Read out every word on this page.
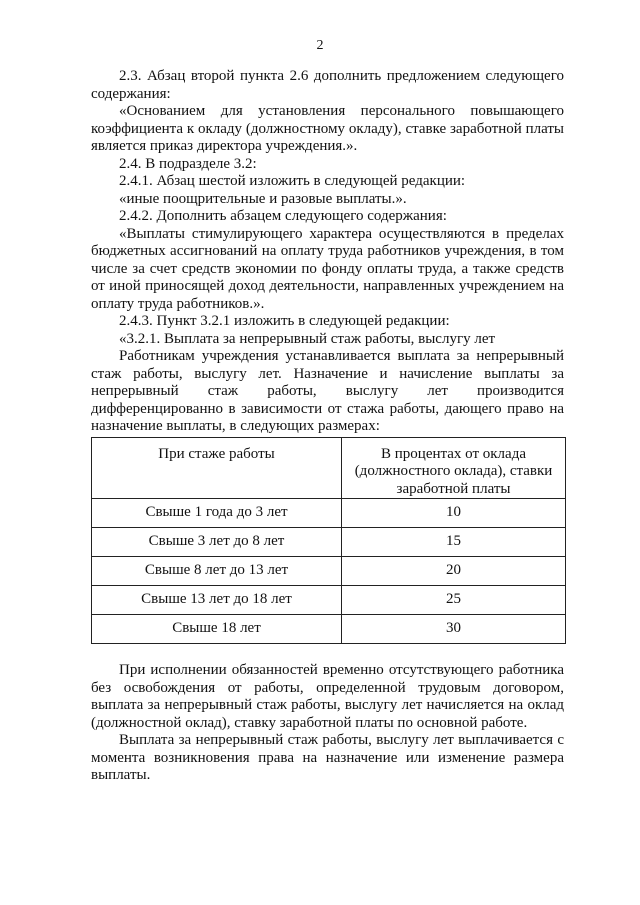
2

2.3. Абзац второй пункта 2.6 дополнить предложением следующего содержания:

«Основанием для установления персонального повышающего коэффициента к окладу (должностному окладу), ставке заработной платы является приказ директора учреждения.».

2.4. В подразделе 3.2:

2.4.1. Абзац шестой изложить в следующей редакции:

«иные поощрительные и разовые выплаты.».

2.4.2. Дополнить абзацем следующего содержания:

«Выплаты стимулирующего характера осуществляются в пределах бюджетных ассигнований на оплату труда работников учреждения, в том числе за счет средств экономии по фонду оплаты труда, а также средств от иной приносящей доход деятельности, направленных учреждением на оплату труда работников.».

2.4.3. Пункт 3.2.1 изложить в следующей редакции:

«3.2.1. Выплата за непрерывный стаж работы, выслугу лет

Работникам учреждения устанавливается выплата за непрерывный стаж работы, выслугу лет. Назначение и начисление выплаты за непрерывный стаж работы, выслугу лет производится дифференцированно в зависимости от стажа работы, дающего право на назначение выплаты, в следующих размерах:

При стаже работы	В процентах от оклада (должностного оклада), ставки заработной платы
Свыше 1 года до 3 лет	10
Свыше 3 лет до 8 лет	15
Свыше 8 лет до 13 лет	20
Свыше 13 лет до 18 лет	25
Свыше 18 лет	30

При исполнении обязанностей временно отсутствующего работника без освобождения от работы, определенной трудовым договором, выплата за непрерывный стаж работы, выслугу лет начисляется на оклад (должностной оклад), ставку заработной платы по основной работе.

Выплата за непрерывный стаж работы, выслугу лет выплачивается с момента возникновения права на назначение или изменение размера выплаты.
